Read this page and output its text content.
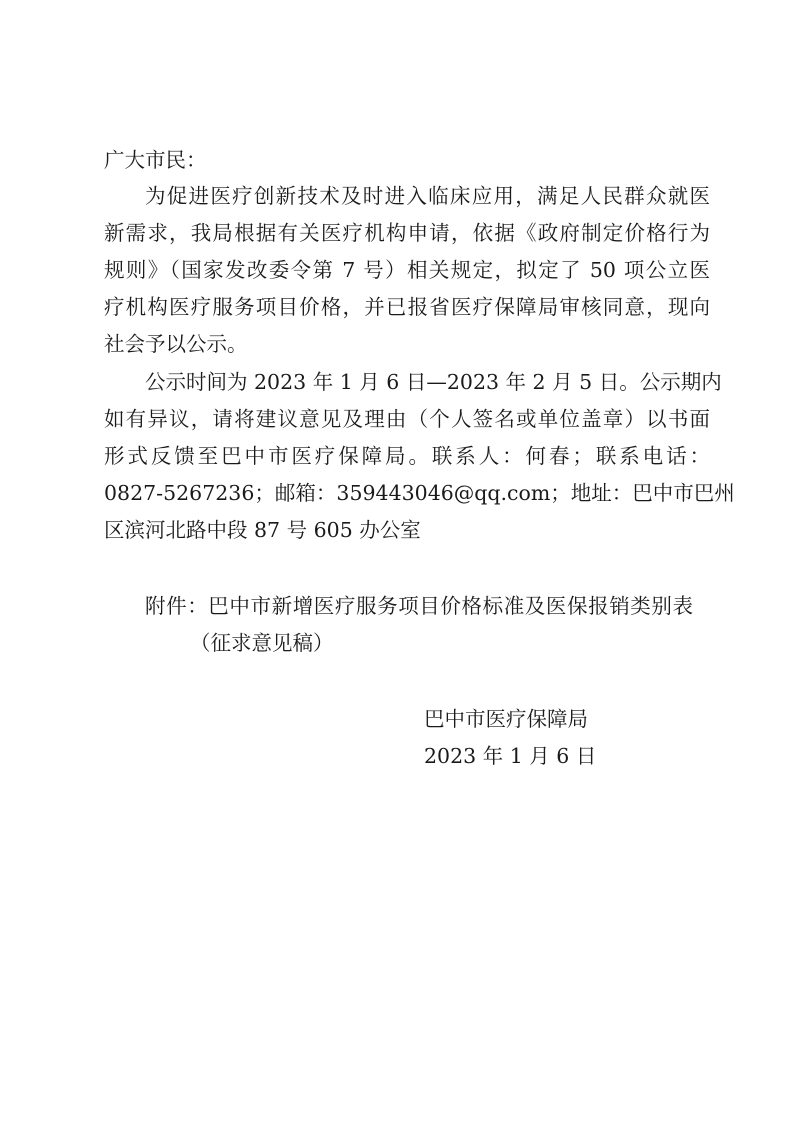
广大市民：
为促进医疗创新技术及时进入临床应用，满足人民群众就医
新需求，我局根据有关医疗机构申请，依据《政府制定价格行为
规则》（国家发改委令第 7 号）相关规定，拟定了 50 项公立医
疗机构医疗服务项目价格，并已报省医疗保障局审核同意，现向
社会予以公示。
公示时间为 2023 年 1 月 6 日—2023 年 2 月 5 日。公示期内
如有异议，请将建议意见及理由（个人签名或单位盖章）以书面
形式反馈至巴中市医疗保障局。联系人：何春；联系电话：
0827-5267236；邮箱：359443046@qq.com；地址：巴中市巴州
区滨河北路中段 87 号 605 办公室
附件：巴中市新增医疗服务项目价格标准及医保报销类别表
（征求意见稿）
巴中市医疗保障局
2023 年 1 月 6 日
